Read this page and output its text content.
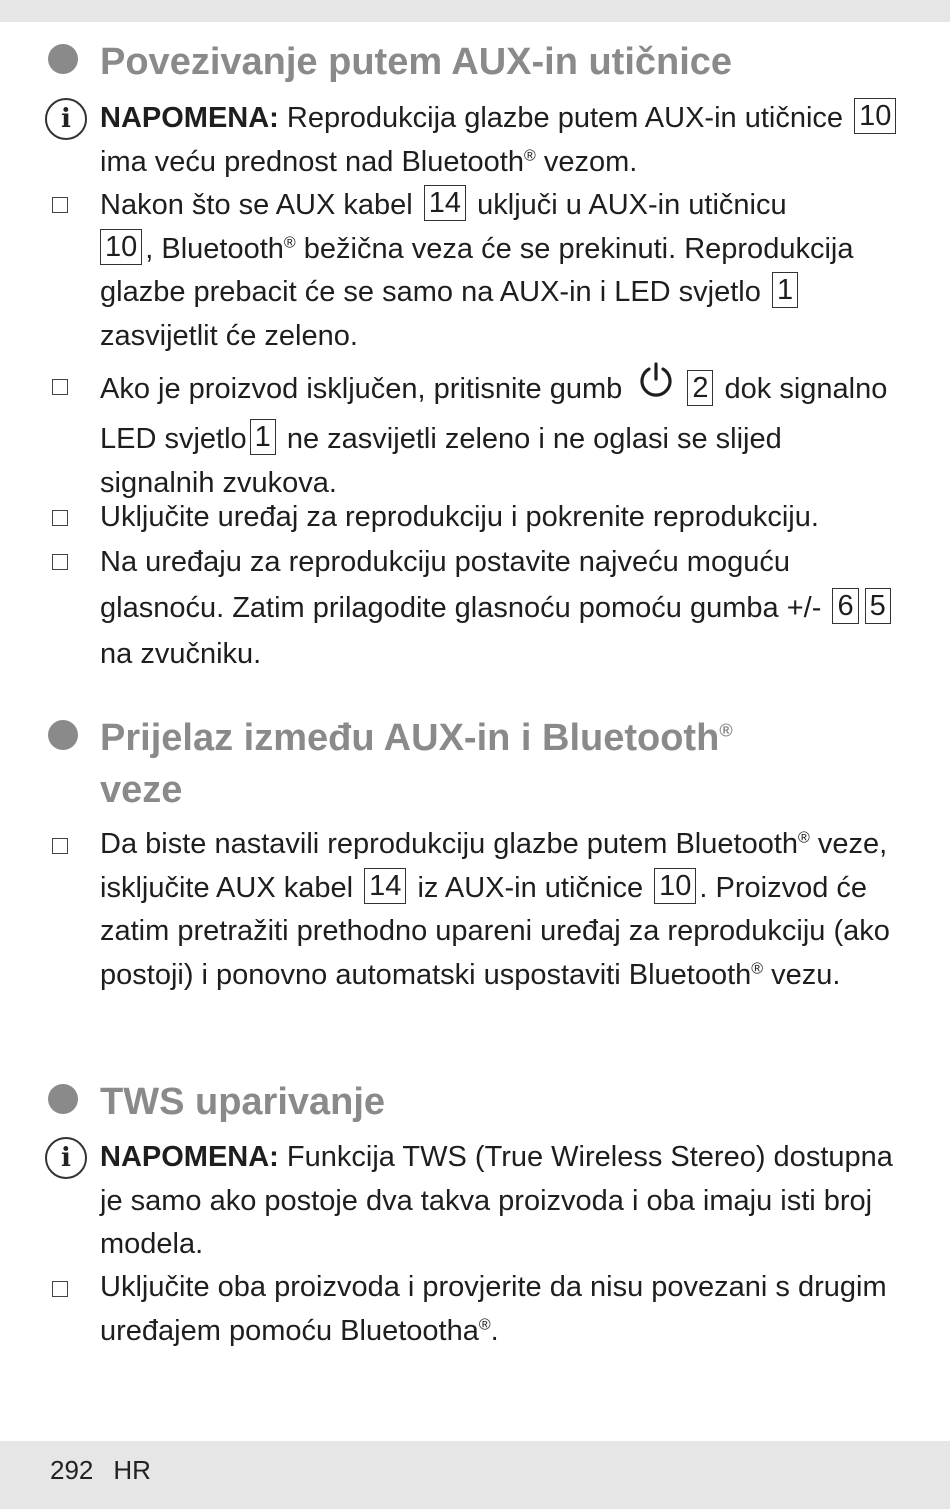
Povezivanje putem AUX-in utičnice
i	NAPOMENA: Reprodukcija glazbe putem AUX-in utičnice 10 ima veću prednost nad Bluetooth® vezom.
Nakon što se AUX kabel 14 uključi u AUX-in utičnicu
10 , Bluetooth® bežična veza će se prekinuti. Reprodukcija glazbe prebacit će se samo na AUX-in i LED svjetlo 1 zasvijetlit će zeleno.
Ako je proizvod isključen, pritisnite gumb 2 dok signalno LED svjetlo 1 ne zasvijetli zeleno i ne oglasi se slijed signalnih zvukova.
Uključite uređaj za reprodukciju i pokrenite reprodukciju.
Na uređaju za reprodukciju postavite najveću moguću glasnoću. Zatim prilagodite glasnoću pomoću gumba +/- 6 5 na zvučniku.
Prijelaz između AUX-in i Bluetooth®
veze
Da biste nastavili reprodukciju glazbe putem Bluetooth® veze, isključite AUX kabel 14 iz AUX-in utičnice 10 . Proizvod će zatim pretražiti prethodno upareni uređaj za reprodukciju (ako postoji) i ponovno automatski uspostaviti Bluetooth® vezu.
TWS uparivanje
i	NAPOMENA: Funkcija TWS (True Wireless Stereo) dostupna je samo ako postoje dva takva proizvoda i oba imaju isti broj modela.
Uključite oba proizvoda i provjerite da nisu povezani s drugim uređajem pomoću Bluetootha®.
292 HR
